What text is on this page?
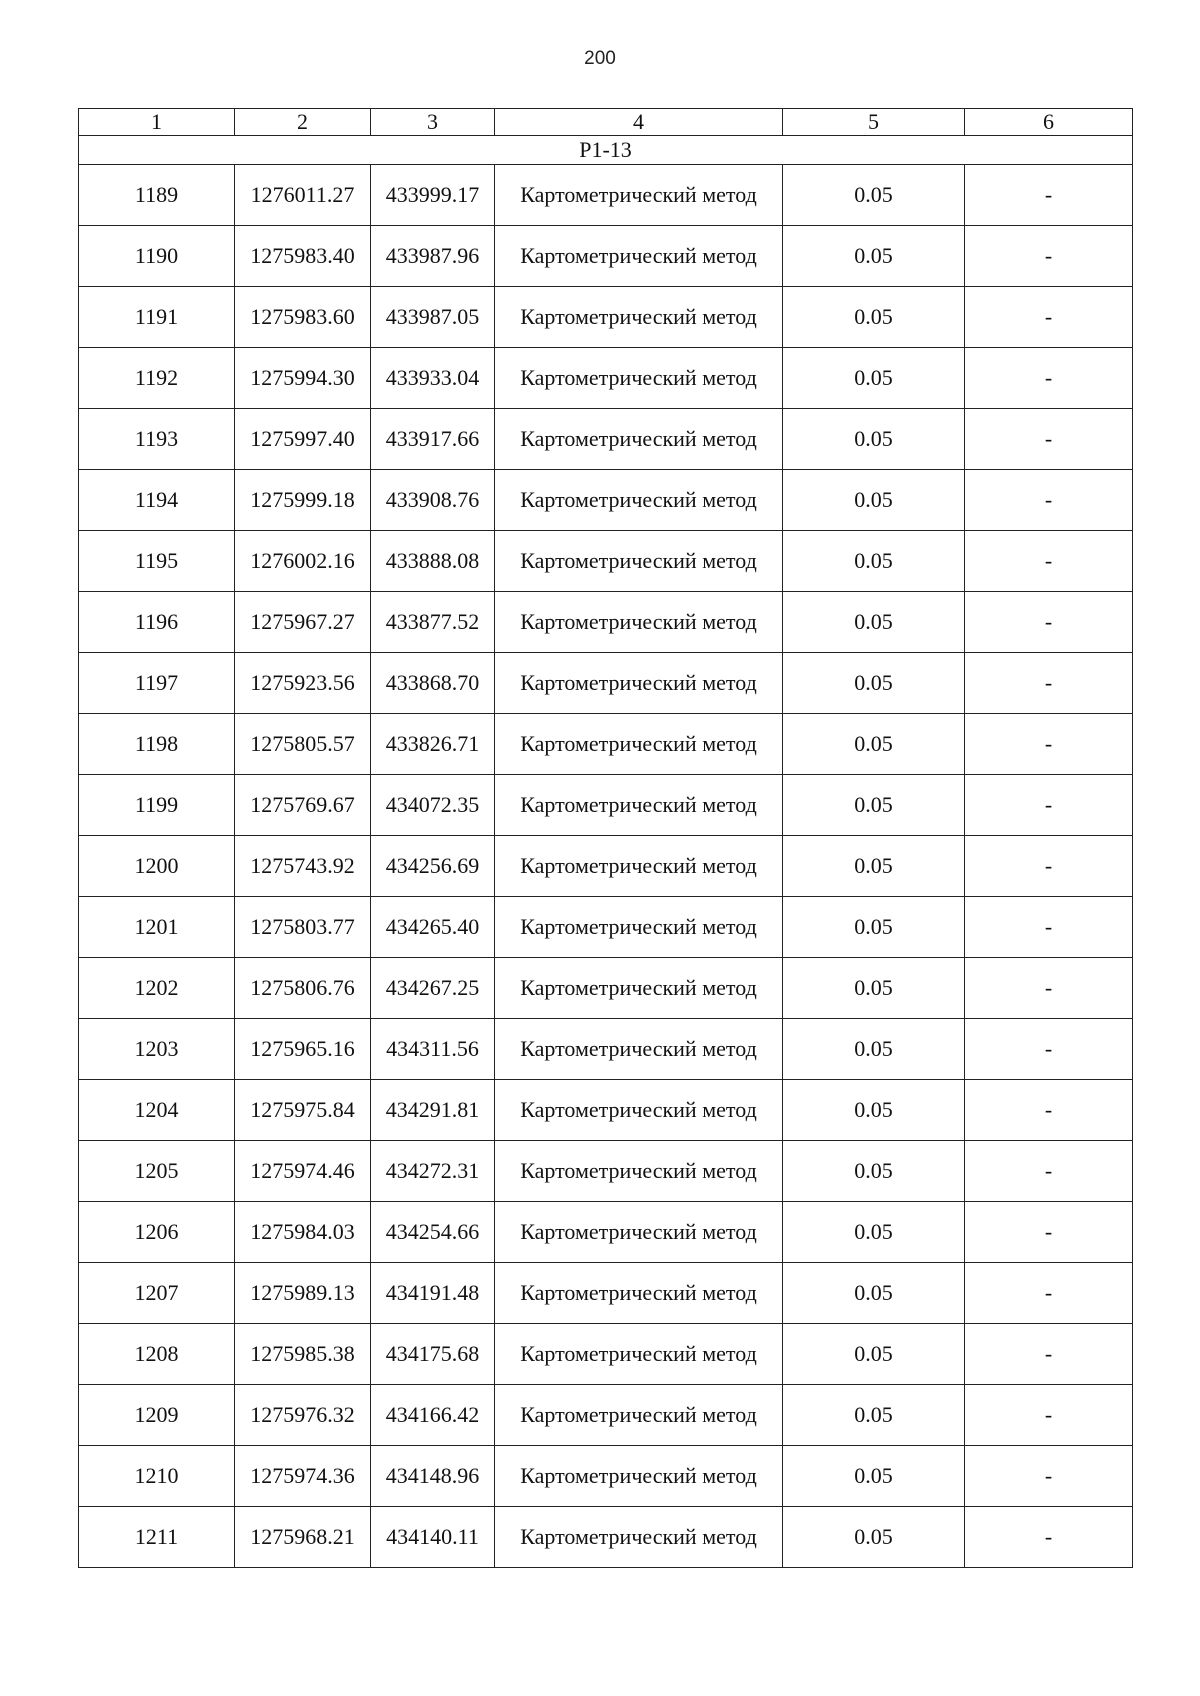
200
1	2	3	4	5	6
Р1-13					
1189	1276011.27	433999.17	Картометрический метод	0.05	-
1190	1275983.40	433987.96	Картометрический метод	0.05	-
1191	1275983.60	433987.05	Картометрический метод	0.05	-
1192	1275994.30	433933.04	Картометрический метод	0.05	-
1193	1275997.40	433917.66	Картометрический метод	0.05	-
1194	1275999.18	433908.76	Картометрический метод	0.05	-
1195	1276002.16	433888.08	Картометрический метод	0.05	-
1196	1275967.27	433877.52	Картометрический метод	0.05	-
1197	1275923.56	433868.70	Картометрический метод	0.05	-
1198	1275805.57	433826.71	Картометрический метод	0.05	-
1199	1275769.67	434072.35	Картометрический метод	0.05	-
1200	1275743.92	434256.69	Картометрический метод	0.05	-
1201	1275803.77	434265.40	Картометрический метод	0.05	-
1202	1275806.76	434267.25	Картометрический метод	0.05	-
1203	1275965.16	434311.56	Картометрический метод	0.05	-
1204	1275975.84	434291.81	Картометрический метод	0.05	-
1205	1275974.46	434272.31	Картометрический метод	0.05	-
1206	1275984.03	434254.66	Картометрический метод	0.05	-
1207	1275989.13	434191.48	Картометрический метод	0.05	-
1208	1275985.38	434175.68	Картометрический метод	0.05	-
1209	1275976.32	434166.42	Картометрический метод	0.05	-
1210	1275974.36	434148.96	Картометрический метод	0.05	-
1211	1275968.21	434140.11	Картометрический метод	0.05	-
